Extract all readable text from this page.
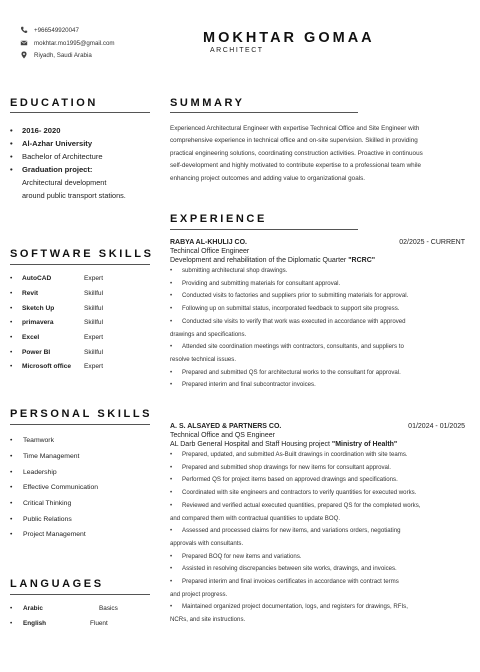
+966549920047
mokhtar.mo1995@gmail.com
Riyadh, Saudi Arabia
MOKHTAR GOMAA
ARCHITECT
EDUCATION
•	2016- 2020
•	Al-Azhar University
•	Bachelor of Architecture
•	Graduation project:
Architectural development
around public transport stations.
SOFTWARE SKILLS
•	AutoCAD	Expert
•	Revit	Skillful
•	Sketch Up	Skillful
•	primavera	Skillful
•	Excel	Expert
•	Power BI	Skillful
•	Microsoft office	Expert
PERSONAL SKILLS
•	Teamwork
•	Time Management
•	Leadership
•	Effective Communication
•	Critical Thinking
•	Public Relations
•	Project Management
LANGUAGES
•	Arabic	Basics
•	English	Fluent
SUMMARY
Experienced Architectural Engineer with expertise Technical Office and Site Engineer with
comprehensive experience in technical office and on-site supervision. Skilled in providing
practical engineering solutions, coordinating construction activities. Proactive in continuous
self-development and highly motivated to contribute expertise to a professional team while
enhancing project outcomes and adding value to organizational goals.
EXPERIENCE
RABYA AL-KHULIJ CO.	02/2025 - CURRENT
Techincal Office Engineer
Development and rehabilitation of the Diplomatic Quarter "RCRC"
•	submitting architectural shop drawings.
•	Providing and submitting materials for consultant approval.
•	Conducted visits to factories and suppliers prior to submitting materials for approval.
•	Following up on submittal status, incorporated feedback to support site progress.
•	Conducted site visits to verify that work was executed in accordance with approved
drawings and specifications.
•	Attended site coordination meetings with contractors, consultants, and suppliers to
resolve technical issues.
•	Prepared and submitted QS for architectural works to the consultant for approval.
•	Prepared interim and final subcontractor invoices.
A. S. ALSAYED & PARTNERS CO.	01/2024 - 01/2025
Technical Office and QS Engineer
AL Darb General Hospital and Staff Housing project "Ministry of Health"
•	Prepared, updated, and submitted As-Built drawings in coordination with site teams.
•	Prepared and submitted shop drawings for new items for consultant approval.
•	Performed QS for project items based on approved drawings and specifications.
•	Coordinated with site engineers and contractors to verify quantities for executed works.
•	Reviewed and verified actual executed quantities, prepared QS for the completed works,
and compared them with contractual quantities to update BOQ.
•	Assessed and processed claims for new items, and variations orders, negotiating
approvals with consultants.
•	Prepared BOQ for new items and variations.
•	Assisted in resolving discrepancies between site works, drawings, and invoices.
•	Prepared interim and final invoices certificates in accordance with contract terms
and project progress.
•	Maintained organized project documentation, logs, and registers for drawings, RFIs,
NCRs, and site instructions.
